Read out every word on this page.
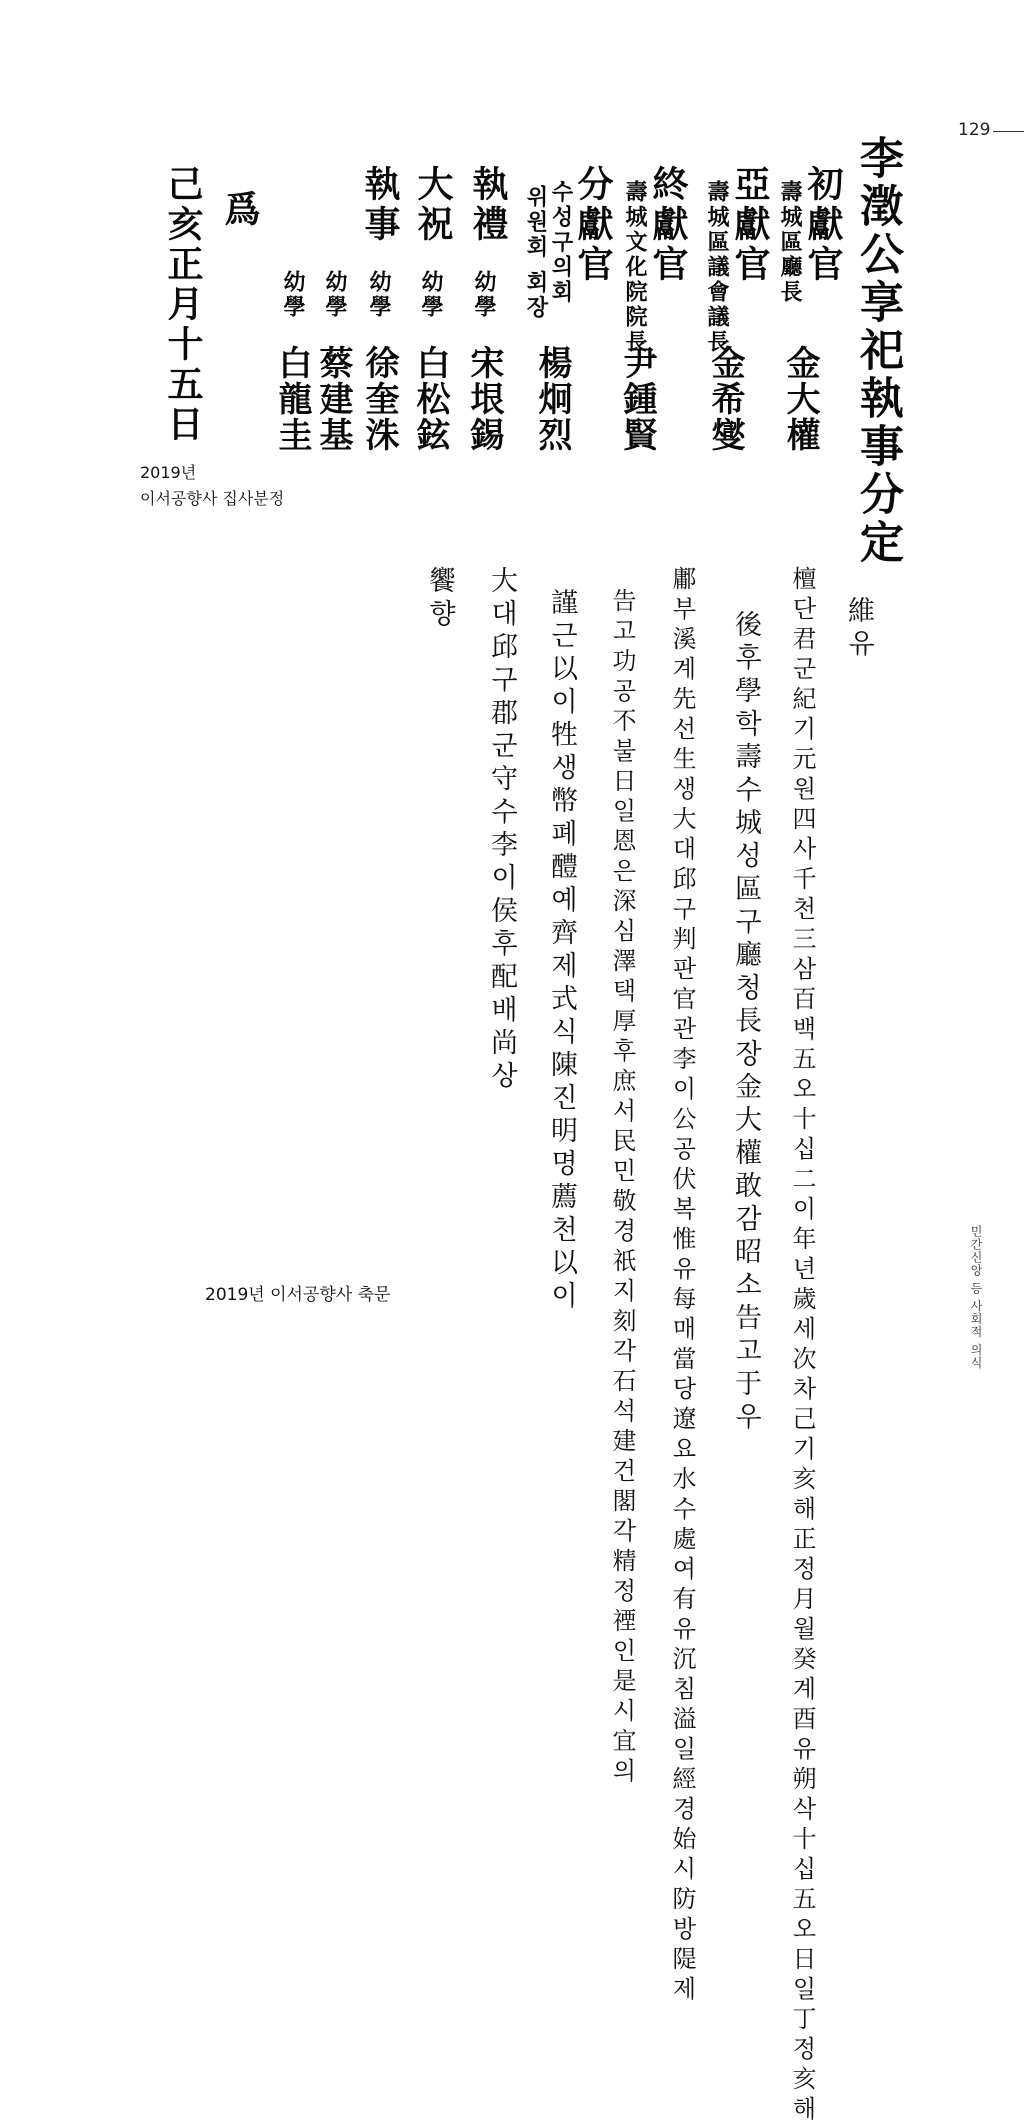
129
민간신앙 등 사회적 의식
李澂公享祀執事分定
初獻官
壽城區廳長
金大權
亞獻官
壽城區議會議長
金希燮
終獻官
壽城文化院院長
尹鍾賢
分獻官
수성구의회
위원회 회장
楊炯烈
執禮
幼學
宋垠錫
大祝
幼學
白松鉉
執事
幼學
徐奎洙
幼學
蔡建基
幼學
白龍圭
爲
己亥正月十五日
2019년
이서공향사 집사분정
維유
檀단君군紀기元원四사千천三삼百백五오十십二이年년歲세次차己기亥해正정月월癸계酉유朔삭十십五오日일丁정亥해
後후學학壽수城성區구廳청長장金大權敢감昭소告고于우
鄘부溪계先선生생大대邱구判판官관李이公공伏복惟유每매當당遼요水수處여有유沉침溢일經경始시防방隄제
告고功공不불日일恩은深심澤택厚후庶서民민敬경祇지刻각石석建건閣각精정禋인是시宜의
謹근以이牲생幣폐醴예齊제式식陳진明명薦천以이
大대邱구郡군守수李이侯후配배尚상
饗향
2019년 이서공향사 축문
